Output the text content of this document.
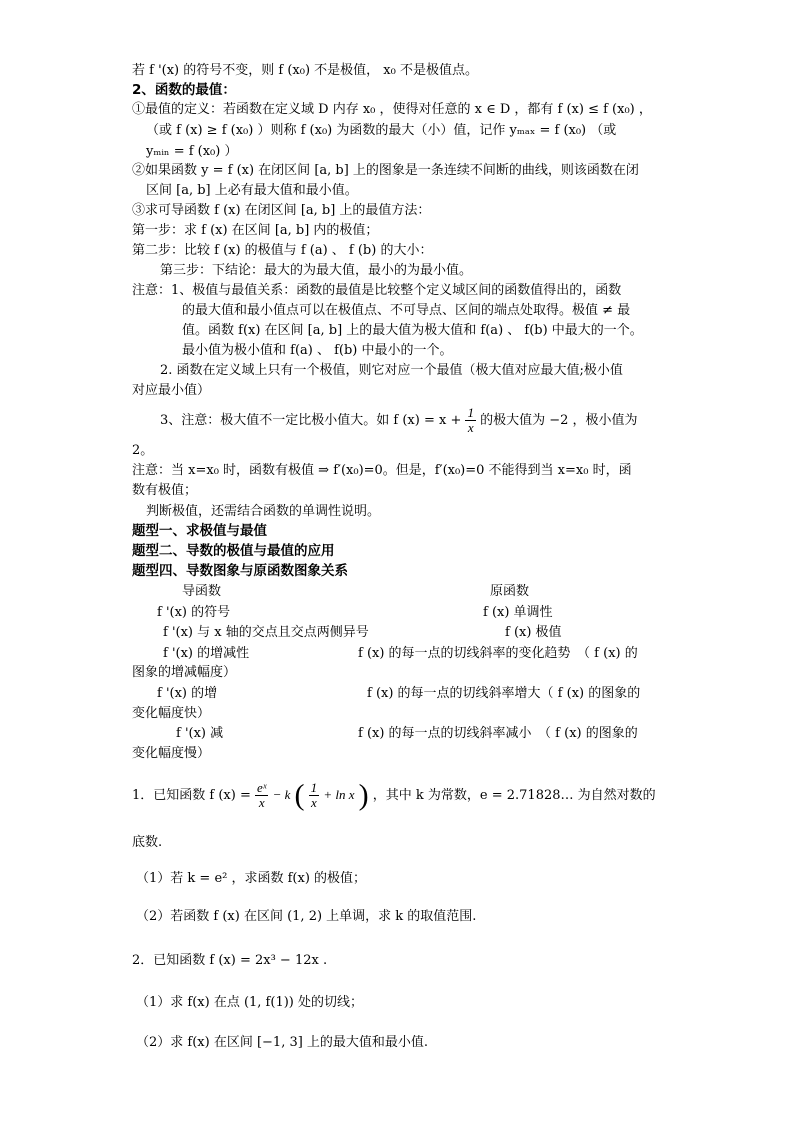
若 f '(x) 的符号不变，则 f (x₀) 不是极值， x₀ 不是极值点。
2、函数的最值：
①最值的定义：若函数在定义域 D 内存 x₀ ，使得对任意的 x ∈ D ，都有 f (x) ≤ f (x₀) ，
（或 f (x) ≥ f (x₀) ）则称 f (x₀) 为函数的最大（小）值，记作 yₘₐₓ = f (x₀) （或
yₘᵢₙ = f (x₀) ）
②如果函数 y = f (x) 在闭区间 [a, b] 上的图象是一条连续不间断的曲线，则该函数在闭
区间 [a, b] 上必有最大值和最小值。
③求可导函数 f (x) 在闭区间 [a, b] 上的最值方法：
第一步：求 f (x) 在区间 [a, b] 内的极值；
第二步：比较 f (x) 的极值与 f (a) 、 f (b) 的大小：
第三步：下结论：最大的为最大值，最小的为最小值。
注意：1、极值与最值关系：函数的最值是比较整个定义域区间的函数值得出的，函数
的最大值和最小值点可以在极值点、不可导点、区间的端点处取得。极值 ≠ 最
值。函数 f(x) 在区间 [a, b] 上的最大值为极大值和 f(a) 、 f(b) 中最大的一个。
最小值为极小值和 f(a) 、 f(b) 中最小的一个。
2. 函数在定义域上只有一个极值，则它对应一个最值（极大值对应最大值;极小值
对应最小值）
3、注意：极大值不一定比极小值大。如 f $(x) = x + \frac{1}{x}$ 的极大值为 −2 ，极小值为
2。
注意：当 x=x₀ 时，函数有极值 ⇒ f′(x₀)=0。但是，f′(x₀)=0 不能得到当 x=x₀ 时，函
数有极值；
判断极值，还需结合函数的单调性说明。
题型一、求极值与最值
题型二、导数的极值与最值的应用
题型四、导数图象与原函数图象关系
导函数	原函数
f '(x) 的符号	f (x) 单调性
f '(x) 与 x 轴的交点且交点两侧异号	f (x) 极值
f '(x) 的增减性	f (x) 的每一点的切线斜率的变化趋势　（ f (x) 的
图象的增减幅度）
f '(x) 的增	f (x) 的每一点的切线斜率增大（ f (x) 的图象的
变化幅度快）
f '(x) 减	f (x) 的每一点的切线斜率减小　（ f (x) 的图象的
变化幅度慢）
1．已知函数 f $(x) = \frac{\text{eˣ}}{x} - k$ ( $\frac{1}{x} + \ln x$ ) ，其中 k 为常数，e = 2.71828… 为自然对数的
底数.
（1）若 k = e² ，求函数 f(x) 的极值；
（2）若函数 f (x) 在区间 (1, 2) 上单调，求 k 的取值范围.
2．已知函数 f (x) = 2x³ − 12x .
（1）求 f(x) 在点 (1, f(1)) 处的切线；
（2）求 f(x) 在区间 [−1, 3] 上的最大值和最小值.
